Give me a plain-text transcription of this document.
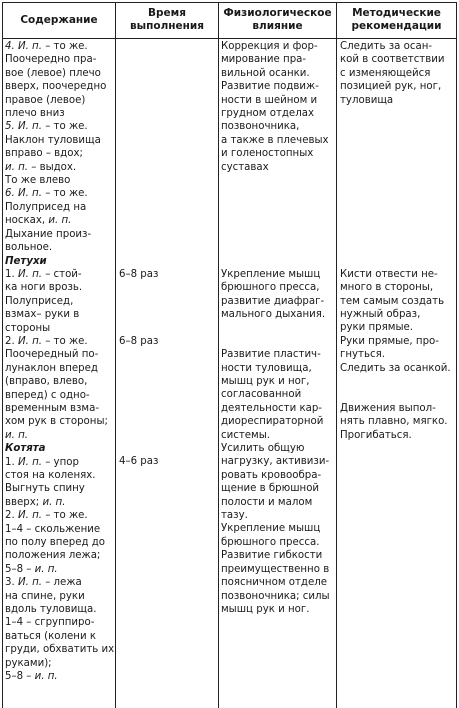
Содержание
Время
выполнения
Физиологическое
влияние
Методические
рекомендации
4. И. п. – то же.
Поочередно пра-
вое (левое) плечо
вверх, поочередно
правое (левое)
плечо вниз
5. И. п. – то же.
Наклон туловища
вправо – вдох;
и. п. – выдох.
То же влево
6. И. п. – то же.
Полуприсед на
носках, и. п.
Дыхание произ-
вольное.
Петухи
1. И. п. – стой-
ка ноги врозь.
Полуприсед,
взмах– руки в
стороны
2. И. п. – то же.
Поочередный по-
лунаклон вперед
(вправо, влево,
вперед) с одно-
временным взма-
хом рук в стороны;
и. п.
Котята
1. И. п. – упор
стоя на коленях.
Выгнуть спину
вверх; и. п.
2. И. п. – то же.
1–4 – скольжение
по полу вперед до
положения лежа;
5–8 – и. п.
3. И. п. – лежа
на спине, руки
вдоль туловища.
1–4 – сгруппиро-
ваться (колени к
груди, обхватить их
руками);
5–8 – и. п.
6–8 раз
6–8 раз
4–6 раз
Коррекция и фор-
мирование пра-
вильной осанки.
Развитие подвиж-
ности в шейном и
грудном отделах
позвоночника,
а также в плечевых
и голеностопных
суставах
Укрепление мышц
брюшного пресса,
развитие диафраг-
мального дыхания.
Развитие пластич-
ности туловища,
мышц рук и ног,
согласованной
деятельности кар-
диореспираторной
системы.
Усилить общую
нагрузку, активизи-
ровать кровообра-
щение в брюшной
полости и малом
тазу.
Укрепление мышц
брюшного пресса.
Развитие гибкости
преимущественно в
поясничном отделе
позвоночника; силы
мышц рук и ног.
Следить за осан-
кой в соответствии
с изменяющейся
позицией рук, ног,
туловища
Кисти отвести не-
много в стороны,
тем самым создать
нужный образ,
руки прямые.
Руки прямые, про-
гнуться.
Следить за осанкой.
Движения выпол-
нять плавно, мягко.
Прогибаться.
